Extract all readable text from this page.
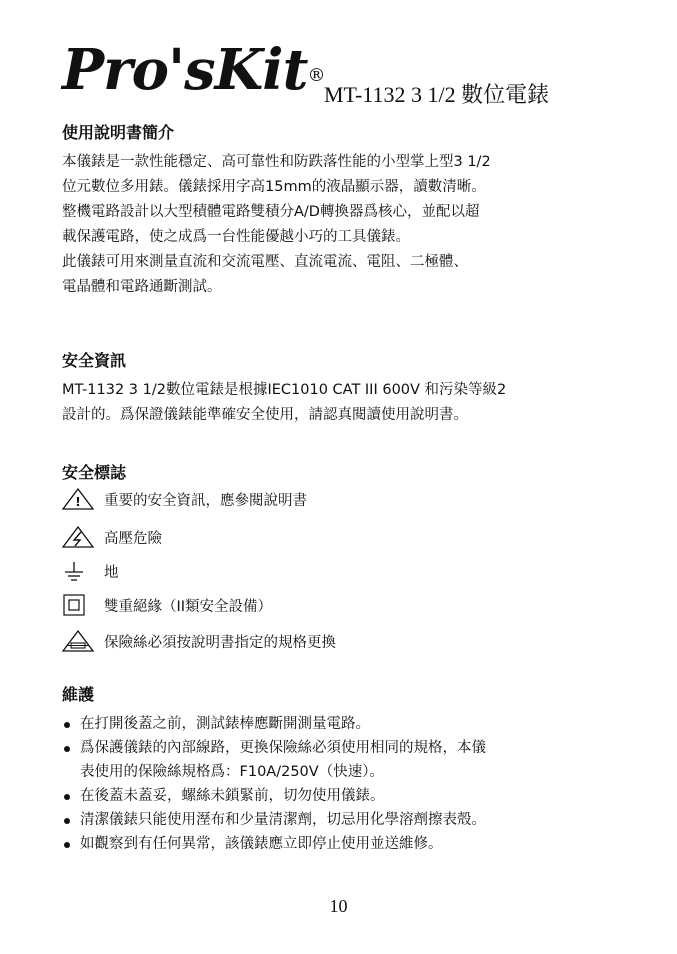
Pro'sKit®
MT-1132 3 1/2 數位電錶
使用說明書簡介

本儀錶是一款性能穩定、高可靠性和防跌落性能的小型掌上型3 1/2
位元數位多用錶。儀錶採用字高15mm的液晶顯示器，讀數清晰。
整機電路設計以大型積體電路雙積分A/D轉換器爲核心，並配以超
載保護電路，使之成爲一台性能優越小巧的工具儀錶。
此儀錶可用來測量直流和交流電壓、直流電流、電阻、二極體、
電晶體和電路通斷測試。

安全資訊

MT-1132 3 1/2數位電錶是根據IEC1010 CAT III 600V 和污染等級2
設計的。爲保證儀錶能準確安全使用，請認真閱讀使用說明書。

安全標誌
! 重要的安全資訊，應參閱說明書
高壓危險
地
雙重絕緣（II類安全設備）
保險絲必須按說明書指定的規格更換
維護
在打開後蓋之前，測試錶棒應斷開測量電路。
爲保護儀錶的內部線路，更換保險絲必須使用相同的規格，本儀
表使用的保險絲規格爲：F10A/250V（快速）。
在後蓋未蓋妥，螺絲未鎖緊前，切勿使用儀錶。
清潔儀錶只能使用溼布和少量清潔劑，切忌用化學溶劑擦表殼。
如觀察到有任何異常，該儀錶應立即停止使用並送維修。
10
